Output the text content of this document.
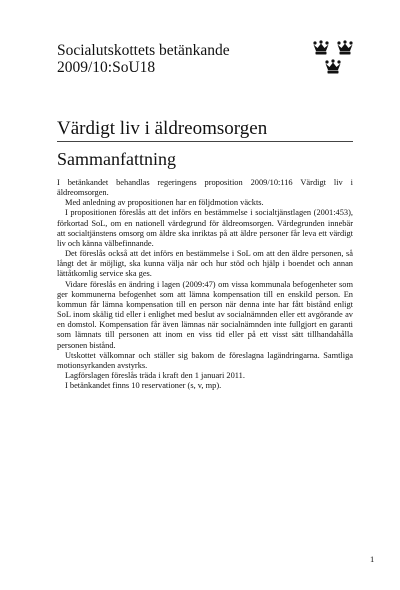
Socialutskottets betänkande
2009/10:SoU18
Värdigt liv i äldreomsorgen
Sammanfattning

I betänkandet behandlas regeringens proposition 2009/10:116 Värdigt liv i äldreomsorgen.

Med anledning av propositionen har en följdmotion väckts.

I propositionen föreslås att det införs en bestämmelse i socialtjänstlagen (2001:453), förkortad SoL, om en nationell värdegrund för äldreomsorgen. Värdegrunden innebär att socialtjänstens omsorg om äldre ska inriktas på att äldre personer får leva ett värdigt liv och känna välbefinnande.

Det föreslås också att det införs en bestämmelse i SoL om att den äldre personen, så långt det är möjligt, ska kunna välja när och hur stöd och hjälp i boendet och annan lättåtkomlig service ska ges.

Vidare föreslås en ändring i lagen (2009:47) om vissa kommunala befogenheter som ger kommunerna befogenhet som att lämna kompensation till en enskild person. En kommun får lämna kompensation till en person när denna inte har fått bistånd enligt SoL inom skälig tid eller i enlighet med beslut av socialnämnden eller ett avgörande av en domstol. Kompensation får även lämnas när socialnämnden inte fullgjort en garanti som lämnats till personen att inom en viss tid eller på ett visst sätt tillhandahålla personen bistånd.

Utskottet välkomnar och ställer sig bakom de föreslagna lagändringarna. Samtliga motionsyrkanden avstyrks.

Lagförslagen föreslås träda i kraft den 1 januari 2011.

I betänkandet finns 10 reservationer (s, v, mp).

1
